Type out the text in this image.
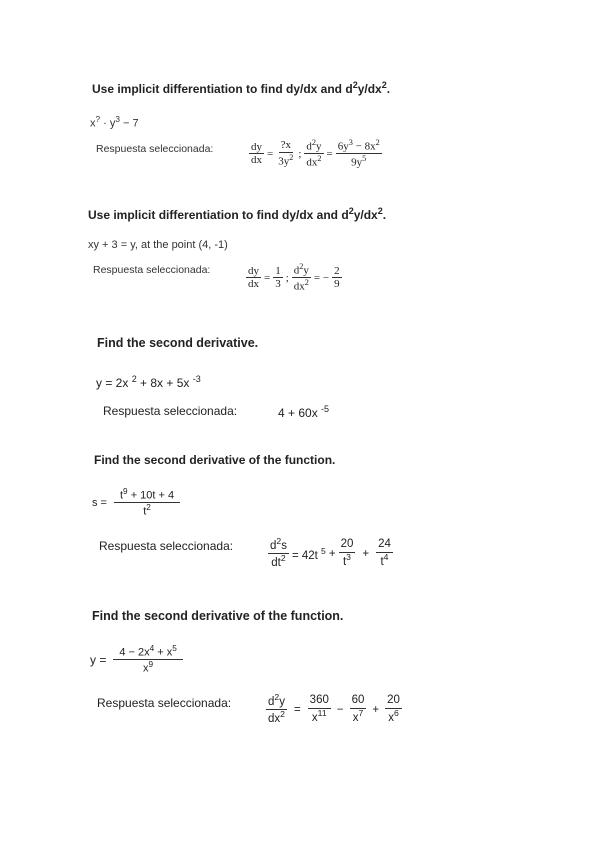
Use implicit differentiation to find dy/dx and $d^2y/dx^2$.
$x^? \cdot y^3 - 7$
Respuesta seleccionada:	$\frac{dy}{dx} = \frac{?x}{3y^2}$ ; $\frac{d^2y}{dx^2} = \frac{6y^3 - 8x^2}{9y^5}$
Use implicit differentiation to find dy/dx and $d^2y/dx^2$.
xy + 3 = y, at the point (4, -1)
Respuesta seleccionada:	$\frac{dy}{dx} = \frac{1}{3}$ ; $\frac{d^2y}{dx^2}$ = − $\frac{2}{9}$
Find the second derivative.
y = 2x $^2$ + 8x + 5x $^{-3}$
Respuesta seleccionada:	4 + 60x $^{-5}$
Find the second derivative of the function.
$s = \frac{t^9 + 10t + 4}{t^2}$
Respuesta seleccionada:	$\frac{d^2s}{dt^2} = 42t$ $^5 + \frac{20}{t^3} + \frac{24}{t^4}$
Find the second derivative of the function.
$y = \frac{4 - 2x^4 + x^5}{x^9}$
Respuesta seleccionada:	$\frac{d^2y}{dx^2} = \frac{360}{x^{11}} - \frac{60}{x^7} + \frac{20}{x^6}$
